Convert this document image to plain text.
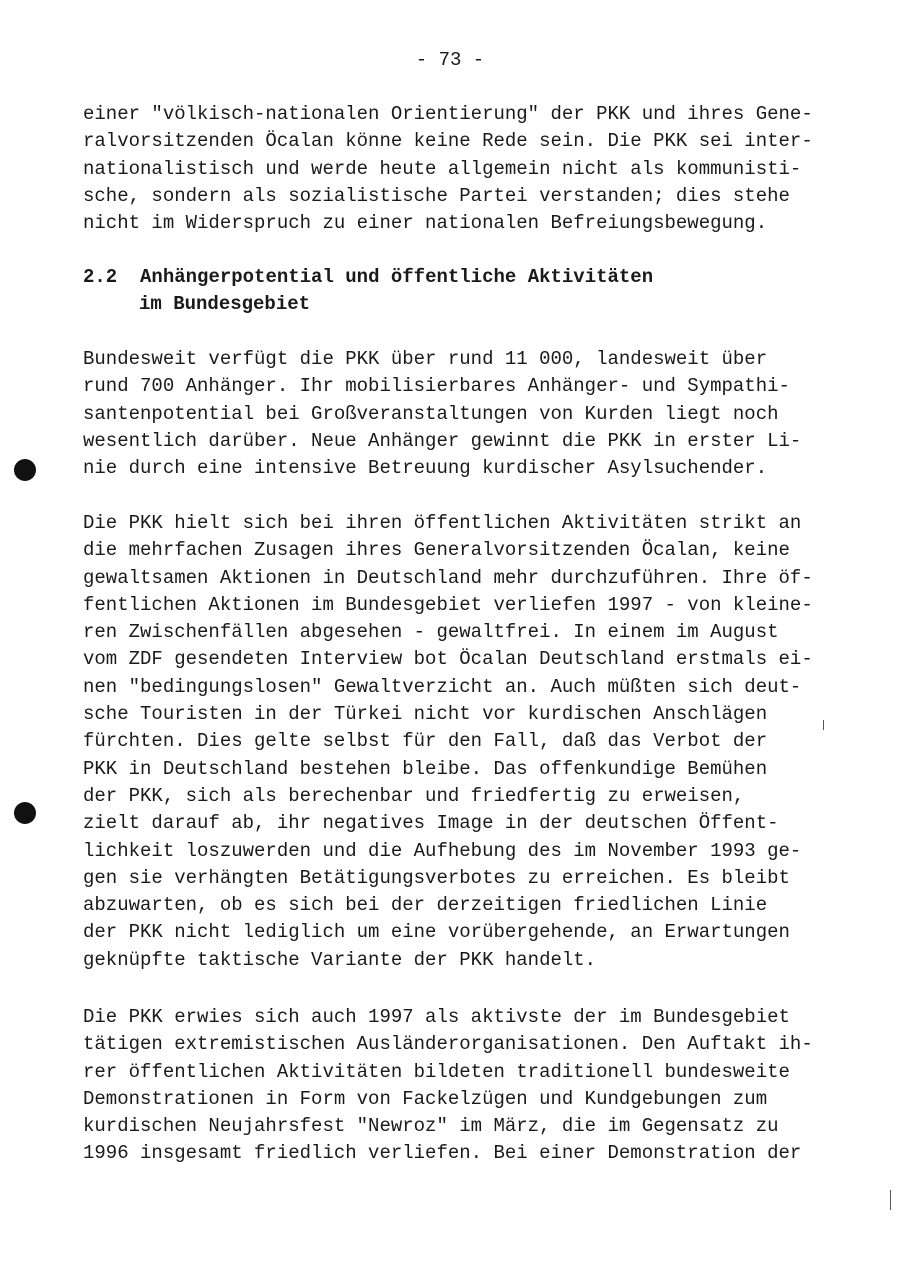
- 73 -
einer "völkisch-nationalen Orientierung" der PKK und ihres Gene-
ralvorsitzenden Öcalan könne keine Rede sein. Die PKK sei inter-
nationalistisch und werde heute allgemein nicht als kommunisti-
sche, sondern als sozialistische Partei verstanden; dies stehe
nicht im Widerspruch zu einer nationalen Befreiungsbewegung.
2.2 Anhängerpotential und öffentliche Aktivitäten
im Bundesgebiet
Bundesweit verfügt die PKK über rund 11 000, landesweit über
rund 700 Anhänger. Ihr mobilisierbares Anhänger- und Sympathi-
santenpotential bei Großveranstaltungen von Kurden liegt noch
wesentlich darüber. Neue Anhänger gewinnt die PKK in erster Li-
nie durch eine intensive Betreuung kurdischer Asylsuchender.
Die PKK hielt sich bei ihren öffentlichen Aktivitäten strikt an
die mehrfachen Zusagen ihres Generalvorsitzenden Öcalan, keine
gewaltsamen Aktionen in Deutschland mehr durchzuführen. Ihre öf-
fentlichen Aktionen im Bundesgebiet verliefen 1997 - von kleine-
ren Zwischenfällen abgesehen - gewaltfrei. In einem im August
vom ZDF gesendeten Interview bot Öcalan Deutschland erstmals ei-
nen "bedingungslosen" Gewaltverzicht an. Auch müßten sich deut-
sche Touristen in der Türkei nicht vor kurdischen Anschlägen
fürchten. Dies gelte selbst für den Fall, daß das Verbot der
PKK in Deutschland bestehen bleibe. Das offenkundige Bemühen
der PKK, sich als berechenbar und friedfertig zu erweisen,
zielt darauf ab, ihr negatives Image in der deutschen Öffent-
lichkeit loszuwerden und die Aufhebung des im November 1993 ge-
gen sie verhängten Betätigungsverbotes zu erreichen. Es bleibt
abzuwarten, ob es sich bei der derzeitigen friedlichen Linie
der PKK nicht lediglich um eine vorübergehende, an Erwartungen
geknüpfte taktische Variante der PKK handelt.
Die PKK erwies sich auch 1997 als aktivste der im Bundesgebiet
tätigen extremistischen Ausländerorganisationen. Den Auftakt ih-
rer öffentlichen Aktivitäten bildeten traditionell bundesweite
Demonstrationen in Form von Fackelzügen und Kundgebungen zum
kurdischen Neujahrsfest "Newroz" im März, die im Gegensatz zu
1996 insgesamt friedlich verliefen. Bei einer Demonstration der
